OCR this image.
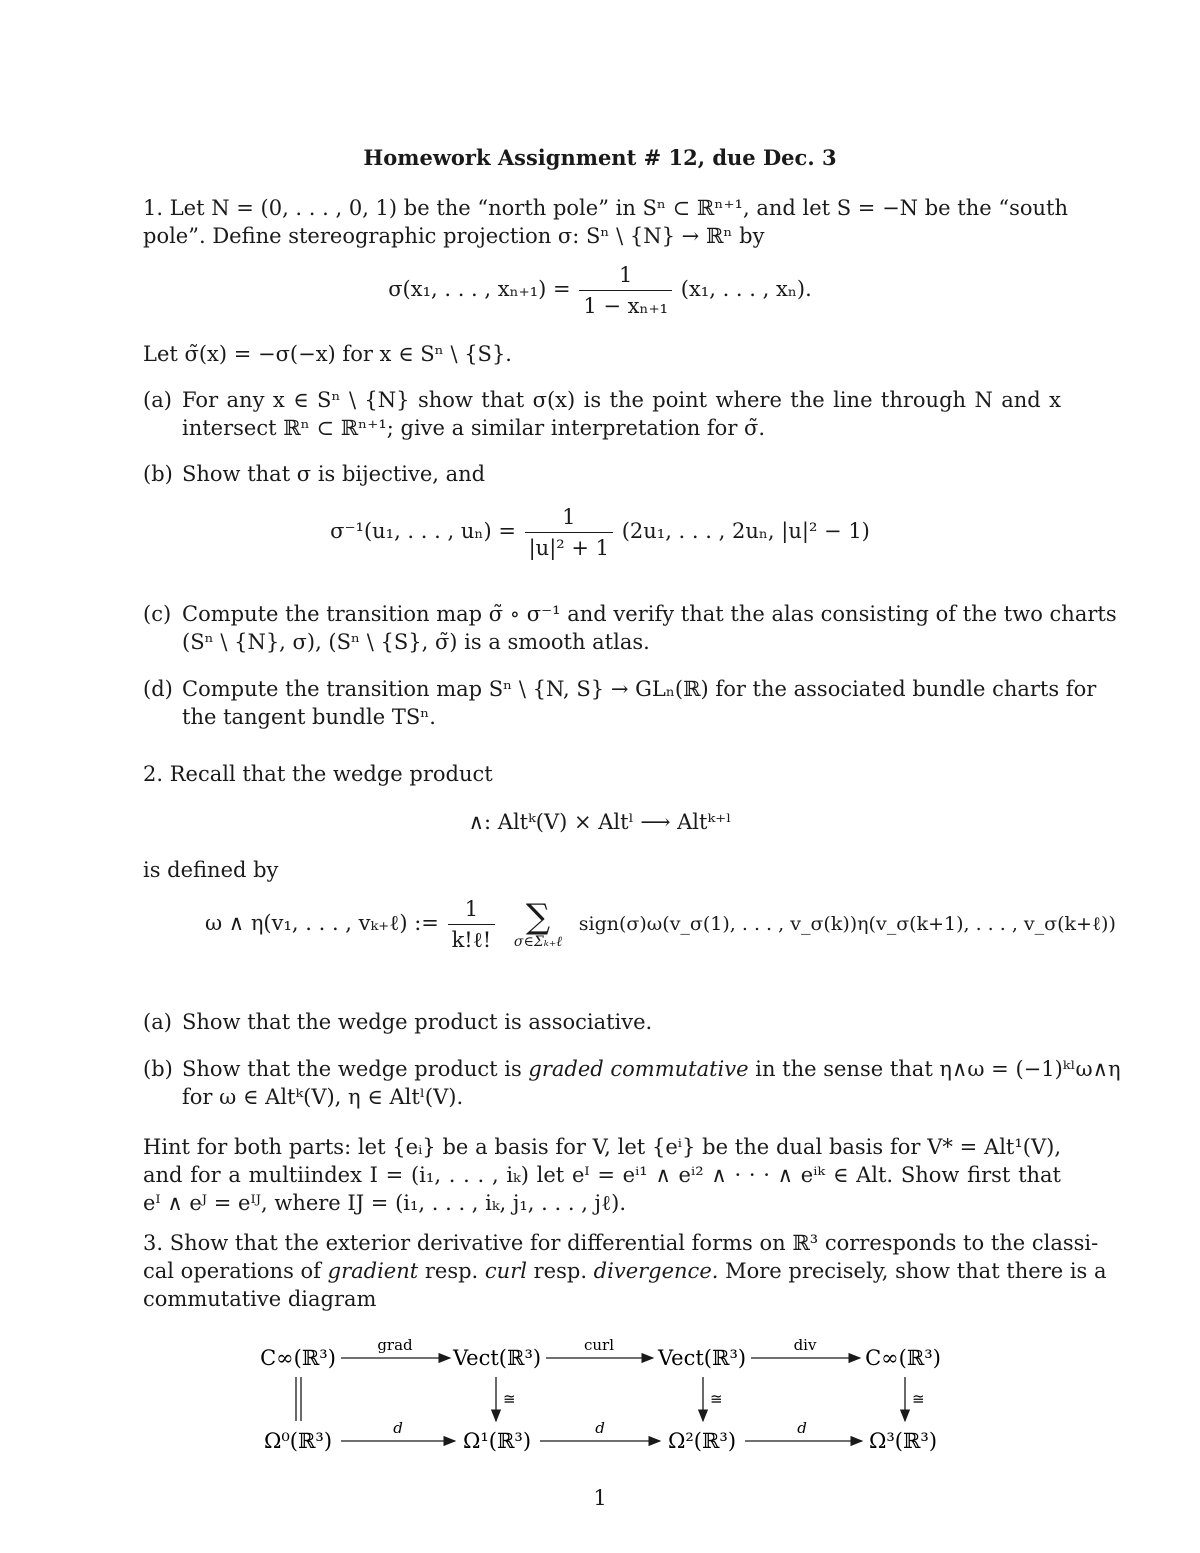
Homework Assignment # 12, due Dec. 3
1. Let N = (0, . . . , 0, 1) be the “north pole” in Sⁿ ⊂ ℝⁿ⁺¹, and let S = −N be the “south
pole”. Define stereographic projection σ: Sⁿ \ {N} → ℝⁿ by
σ(x₁, . . . , $x_{n+1}) = \frac{1}{\text{1 − xₙ₊₁}} (x_1$, . . . , xₙ).
Let σ̃(x) = −σ(−x) for x ∈ Sⁿ \ {S}.
(a) For any x ∈ Sⁿ \ {N} show that σ(x) is the point where the line through N and x
intersect ℝⁿ ⊂ ℝⁿ⁺¹; give a similar interpretation for σ̃.
(b) Show that σ is bijective, and
σ⁻¹(u₁, . . . , $u_n) = \frac{1}{\text{|u|² + 1}} (2u_1$, . . . , 2uₙ, |u|² − 1)
(c) Compute the transition map σ̃ ∘ σ⁻¹ and verify that the alas consisting of the two charts
(Sⁿ \ {N}, σ), (Sⁿ \ {S}, σ̃) is a smooth atlas.
(d) Compute the transition map Sⁿ \ {N, S} → GLₙ(ℝ) for the associated bundle charts for
the tangent bundle TSⁿ.
2. Recall that the wedge product
∧: Altᵏ(V) × Altˡ ⟶ Altᵏ⁺ˡ
is defined by
ω ∧ η(v₁, . . . , vₖ₊ℓ) := $\frac{1}{\text{k!ℓ!}}$
∑
σ∈Σₖ₊ℓ
sign(σ)ω(v_σ(1), . . . , v_σ(k))η(v_σ(k+1), . . . , v_σ(k+ℓ))
(a) Show that the wedge product is associative.
(b) Show that the wedge product is graded commutative in the sense that η∧ω = (−1)ᵏˡω∧η
for ω ∈ Altᵏ(V), η ∈ Altˡ(V).
Hint for both parts: let {eᵢ} be a basis for V, let {eⁱ} be the dual basis for V* = Alt¹(V),
and for a multiindex I = (i₁, . . . , iₖ) let eᴵ = eⁱ¹ ∧ eⁱ² ∧ · · · ∧ eⁱᵏ ∈ Alt. Show first that
eᴵ ∧ eᴶ = eᴵᴶ, where IJ = (i₁, . . . , iₖ, j₁, . . . , jℓ).
3. Show that the exterior derivative for differential forms on ℝ³ corresponds to the classi-
cal operations of gradient resp. curl resp. divergence. More precisely, show that there is a
commutative diagram
C∞(ℝ³)	Vect(ℝ³)	Vect(ℝ³)	C∞(ℝ³)
Ω⁰(ℝ³)	Ω¹(ℝ³)	Ω²(ℝ³)	Ω³(ℝ³)
grad	curl	div
d	d	d
≅	≅	≅
1
